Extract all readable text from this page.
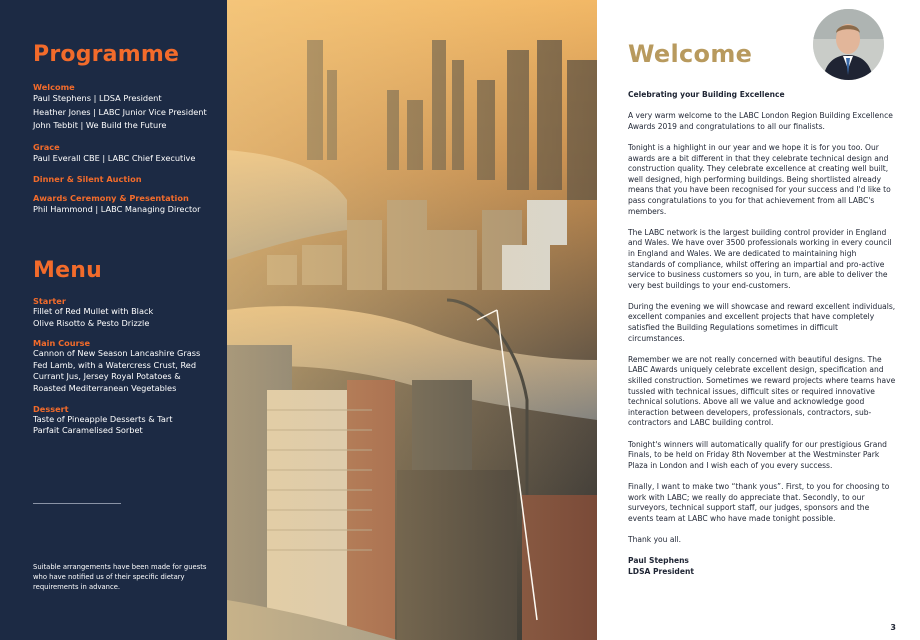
Programme
Welcome
Paul Stephens | LDSA President
Heather Jones | LABC Junior Vice President
John Tebbit | We Build the Future
Grace
Paul Everall CBE | LABC Chief Executive
Dinner & Silent Auction
Awards Ceremony & Presentation
Phil Hammond | LABC Managing Director
Menu
Starter
Fillet of Red Mullet with Black
Olive Risotto & Pesto Drizzle
Main Course
Cannon of New Season Lancashire Grass
Fed Lamb, with a Watercress Crust, Red
Currant Jus, Jersey Royal Potatoes &
Roasted Mediterranean Vegetables
Dessert
Taste of Pineapple Desserts & Tart
Parfait Caramelised Sorbet
Suitable arrangements have been made for guests who have notified us of their specific dietary requirements in advance.
Welcome

Celebrating your Building Excellence

A very warm welcome to the LABC London Region Building Excellence Awards 2019 and congratulations to all our finalists.

Tonight is a highlight in our year and we hope it is for you too. Our awards are a bit different in that they celebrate technical design and construction quality. They celebrate excellence at creating well built, well designed, high performing buildings. Being shortlisted already means that you have been recognised for your success and I'd like to pass congratulations to you for that achievement from all LABC's members.

The LABC network is the largest building control provider in England and Wales. We have over 3500 professionals working in every council in England and Wales. We are dedicated to maintaining high standards of compliance, whilst offering an impartial and pro-active service to business customers so you, in turn, are able to deliver the very best buildings to your end-customers.

During the evening we will showcase and reward excellent individuals, excellent companies and excellent projects that have completely satisfied the Building Regulations sometimes in difficult circumstances.

Remember we are not really concerned with beautiful designs. The LABC Awards uniquely celebrate excellent design, specification and skilled construction. Sometimes we reward projects where teams have tussled with technical issues, difficult sites or required innovative technical solutions. Above all we value and acknowledge good interaction between developers, professionals, contractors, sub-contractors and LABC building control.

Tonight's winners will automatically qualify for our prestigious Grand Finals, to be held on Friday 8th November at the Westminster Park Plaza in London and I wish each of you every success.

Finally, I want to make two “thank yous”. First, to you for choosing to work with LABC; we really do appreciate that. Secondly, to our surveyors, technical support staff, our judges, sponsors and the events team at LABC who have made tonight possible.

Thank you all.

Paul Stephens
LDSA President
3
